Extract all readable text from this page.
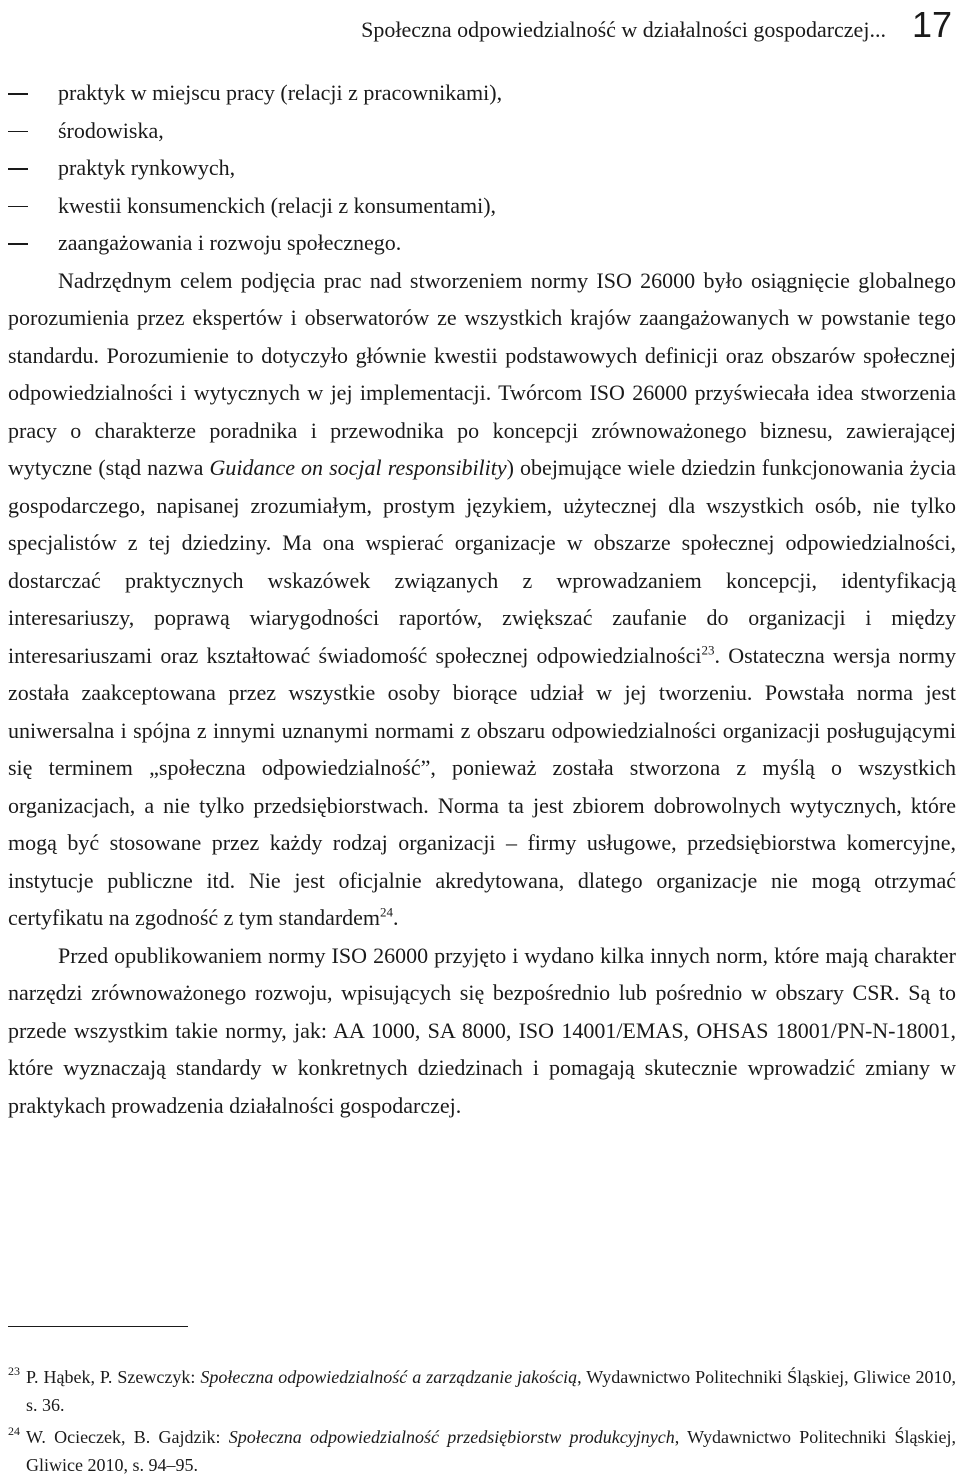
Społeczna odpowiedzialność w działalności gospodarczej... 17
praktyk w miejscu pracy (relacji z pracownikami),
środowiska,
praktyk rynkowych,
kwestii konsumenckich (relacji z konsumentami),
zaangażowania i rozwoju społecznego.

Nadrzędnym celem podjęcia prac nad stworzeniem normy ISO 26000 było osiągnięcie globalnego porozumienia przez ekspertów i obserwatorów ze wszystkich krajów zaangażowanych w powstanie tego standardu. Porozumienie to dotyczyło głównie kwestii podstawowych definicji oraz obszarów społecznej odpowiedzialności i wytycznych w jej implementacji. Twórcom ISO 26000 przyświecała idea stworzenia pracy o charakterze poradnika i przewodnika po koncepcji zrównoważonego biznesu, zawierającej wytyczne (stąd nazwa Guidance on socjal responsibility) obejmujące wiele dziedzin funkcjonowania życia gospodarczego, napisanej zrozumiałym, prostym językiem, użytecznej dla wszystkich osób, nie tylko specjalistów z tej dziedziny. Ma ona wspierać organizacje w obszarze społecznej odpowiedzialności, dostarczać praktycznych wskazówek związanych z wprowadzaniem koncepcji, identyfikacją interesariuszy, poprawą wiarygodności raportów, zwiększać zaufanie do organizacji i między interesariuszami oraz kształtować świadomość społecznej odpowiedzialności$^{23}$. Ostateczna wersja normy została zaakceptowana przez wszystkie osoby biorące udział w jej tworzeniu. Powstała norma jest uniwersalna i spójna z innymi uznanymi normami z obszaru odpowiedzialności organizacji posługującymi się terminem „społeczna odpowiedzialność”, ponieważ została stworzona z myślą o wszystkich organizacjach, a nie tylko przedsiębiorstwach. Norma ta jest zbiorem dobrowolnych wytycznych, które mogą być stosowane przez każdy rodzaj organizacji – firmy usługowe, przedsiębiorstwa komercyjne, instytucje publiczne itd. Nie jest oficjalnie akredytowana, dlatego organizacje nie mogą otrzymać certyfikatu na zgodność z tym standardem$^{24}$.

Przed opublikowaniem normy ISO 26000 przyjęto i wydano kilka innych norm, które mają charakter narzędzi zrównoważonego rozwoju, wpisujących się bezpośrednio lub pośrednio w obszary CSR. Są to przede wszystkim takie normy, jak: AA 1000, SA 8000, ISO 14001/EMAS, OHSAS 18001/PN-N-18001, które wyznaczają standardy w konkretnych dziedzinach i pomagają skutecznie wprowadzić zmiany w praktykach prowadzenia działalności gospodarczej.

23 P. Hąbek, P. Szewczyk: Społeczna odpowiedzialność a zarządzanie jakością, Wydawnictwo Politechniki Śląskiej, Gliwice 2010, s. 36.
24 W. Ocieczek, B. Gajdzik: Społeczna odpowiedzialność przedsiębiorstw produkcyjnych, Wydawnictwo Politechniki Śląskiej, Gliwice 2010, s. 94–95.
